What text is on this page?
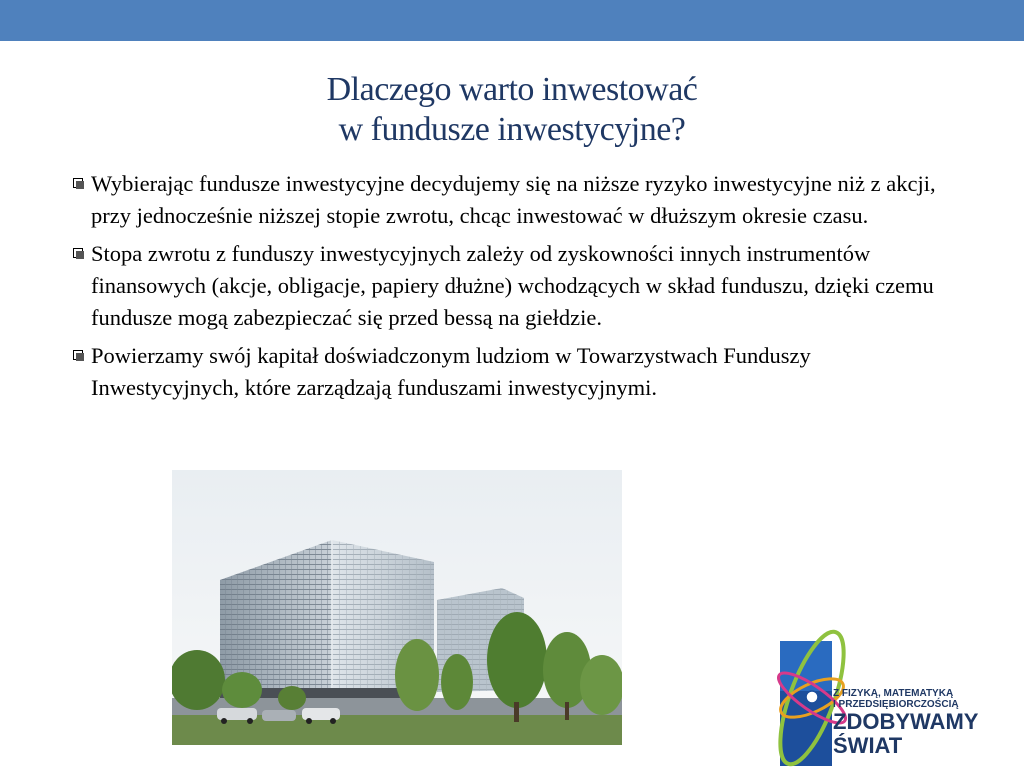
Dlaczego warto inwestować
w fundusze inwestycyjne?
Wybierając fundusze inwestycyjne decydujemy się na niższe ryzyko inwestycyjne niż z akcji, przy jednocześnie niższej stopie zwrotu, chcąc inwestować w dłuższym okresie czasu.
Stopa zwrotu z funduszy inwestycyjnych zależy od zyskowności innych instrumentów finansowych (akcje, obligacje, papiery dłużne) wchodzących w skład funduszu, dzięki czemu fundusze mogą zabezpieczać się przed bessą na giełdzie.
Powierzamy swój kapitał doświadczonym ludziom w Towarzystwach Funduszy Inwestycyjnych, które zarządzają funduszami inwestycyjnymi.
Z FIZYKĄ, MATEMATYKĄ
I PRZEDSIĘBIORCZOŚCIĄ
ZDOBYWAMY
ŚWIAT
